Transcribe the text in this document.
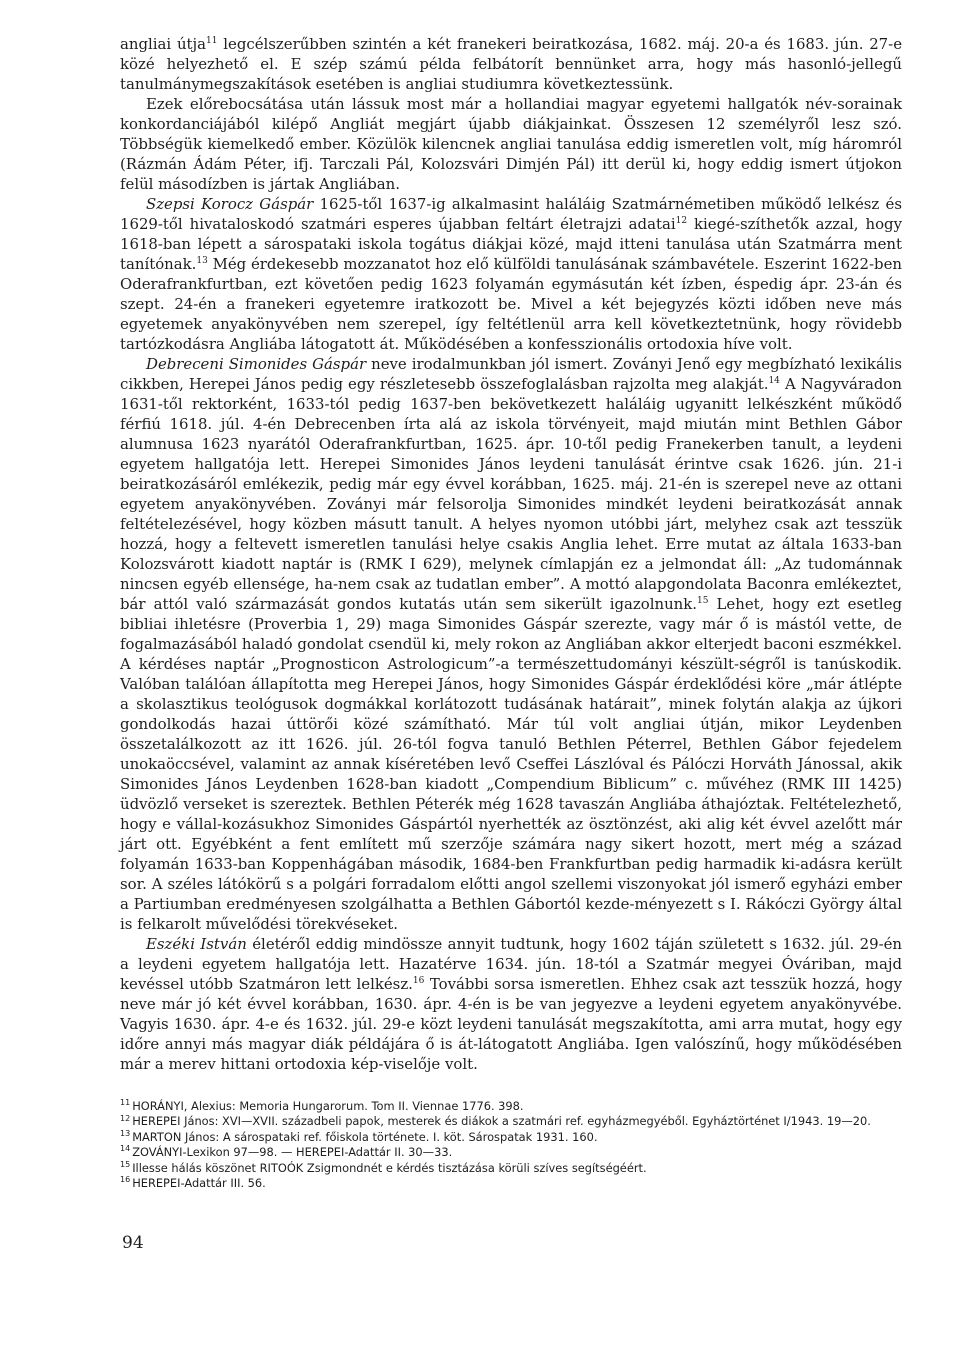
angliai útja$^{11}$ legcélszerűbben szintén a két franekeri beiratkozása, 1682. máj. 20-a és 1683. jún. 27-e közé helyezhető el. E szép számú példa felbátorít bennünket arra, hogy más hasonló-jellegű tanulmánymegszakítások esetében is angliai studiumra következtessünk.

Ezek előrebocsátása után lássuk most már a hollandiai magyar egyetemi hallgatók név-sorainak konkordanciájából kilépő Angliát megjárt újabb diákjainkat. Összesen 12 személyről lesz szó. Többségük kiemelkedő ember. Közülök kilencnek angliai tanulása eddig ismeretlen volt, míg háromról (Rázmán Ádám Péter, ifj. Tarczali Pál, Kolozsvári Dimjén Pál) itt derül ki, hogy eddig ismert útjokon felül másodízben is jártak Angliában.

Szepsi Korocz Gáspár 1625-től 1637-ig alkalmasint haláláig Szatmárnémetiben működő lelkész és 1629-től hivataloskodó szatmári esperes újabban feltárt életrajzi adatai$^{12}$ kiegé-szíthetők azzal, hogy 1618-ban lépett a sárospataki iskola togátus diákjai közé, majd itteni tanulása után Szatmárra ment tanítónak.$^{13}$ Még érdekesebb mozzanatot hoz elő külföldi tanulásának számbavétele. Eszerint 1622-ben Oderafrankfurtban, ezt követően pedig 1623 folyamán egymásután két ízben, éspedig ápr. 23-án és szept. 24-én a franekeri egyetemre iratkozott be. Mivel a két bejegyzés közti időben neve más egyetemek anyakönyvében nem szerepel, így feltétlenül arra kell következtetnünk, hogy rövidebb tartózkodásra Angliába látogatott át. Működésében a konfesszionális ortodoxia híve volt.

Debreceni Simonides Gáspár neve irodalmunkban jól ismert. Zoványi Jenő egy megbízható lexikális cikkben, Herepei János pedig egy részletesebb összefoglalásban rajzolta meg alakját.$^{14}$ A Nagyváradon 1631-től rektorként, 1633-tól pedig 1637-ben bekövetkezett haláláig ugyanitt lelkészként működő férfiú 1618. júl. 4-én Debrecenben írta alá az iskola törvényeit, majd miután mint Bethlen Gábor alumnusa 1623 nyarától Oderafrankfurtban, 1625. ápr. 10-től pedig Franekerben tanult, a leydeni egyetem hallgatója lett. Herepei Simonides János leydeni tanulását érintve csak 1626. jún. 21-i beiratkozásáról emlékezik, pedig már egy évvel korábban, 1625. máj. 21-én is szerepel neve az ottani egyetem anyakönyvében. Zoványi már felsorolja Simonides mindkét leydeni beiratkozását annak feltételezésével, hogy közben másutt tanult. A helyes nyomon utóbbi járt, melyhez csak azt tesszük hozzá, hogy a feltevett ismeretlen tanulási helye csakis Anglia lehet. Erre mutat az általa 1633-ban Kolozsvárott kiadott naptár is (RMK I 629), melynek címlapján ez a jelmondat áll: „Az tudománnak nincsen egyéb ellensége, ha-nem csak az tudatlan ember”. A mottó alapgondolata Baconra emlékeztet, bár attól való származását gondos kutatás után sem sikerült igazolnunk.$^{15}$ Lehet, hogy ezt esetleg bibliai ihletésre (Proverbia 1, 29) maga Simonides Gáspár szerezte, vagy már ő is mástól vette, de fogalmazásából haladó gondolat csendül ki, mely rokon az Angliában akkor elterjedt baconi eszmékkel. A kérdéses naptár „Prognosticon Astrologicum”-a természettudományi készült-ségről is tanúskodik. Valóban találóan állapította meg Herepei János, hogy Simonides Gáspár érdeklődési köre „már átlépte a skolasztikus teológusok dogmákkal korlátozott tudásának határait”, minek folytán alakja az újkori gondolkodás hazai úttörői közé számítható. Már túl volt angliai útján, mikor Leydenben összetalálkozott az itt 1626. júl. 26-tól fogva tanuló Bethlen Péterrel, Bethlen Gábor fejedelem unokaöccsével, valamint az annak kíséretében levő Cseffei Lászlóval és Pálóczi Horváth Jánossal, akik Simonides János Leydenben 1628-ban kiadott „Compendium Biblicum” c. művéhez (RMK III 1425) üdvözlő verseket is szereztek. Bethlen Péterék még 1628 tavaszán Angliába áthajóztak. Feltételezhető, hogy e vállal-kozásukhoz Simonides Gáspártól nyerhették az ösztönzést, aki alig két évvel azelőtt már járt ott. Egyébként a fent említett mű szerzője számára nagy sikert hozott, mert még a század folyamán 1633-ban Koppenhágában második, 1684-ben Frankfurtban pedig harmadik ki-adásra került sor. A széles látókörű s a polgári forradalom előtti angol szellemi viszonyokat jól ismerő egyházi ember a Partiumban eredményesen szolgálhatta a Bethlen Gábortól kezde-ményezett s I. Rákóczi György által is felkarolt művelődési törekvéseket.

Eszéki István életéről eddig mindössze annyit tudtunk, hogy 1602 táján született s 1632. júl. 29-én a leydeni egyetem hallgatója lett. Hazatérve 1634. jún. 18-tól a Szatmár megyei Óváriban, majd kevéssel utóbb Szatmáron lett lelkész.$^{16}$ További sorsa ismeretlen. Ehhez csak azt tesszük hozzá, hogy neve már jó két évvel korábban, 1630. ápr. 4-én is be van jegyezve a leydeni egyetem anyakönyvébe. Vagyis 1630. ápr. 4-e és 1632. júl. 29-e közt leydeni tanulását megszakította, ami arra mutat, hogy egy időre annyi más magyar diák példájára ő is át-látogatott Angliába. Igen valószínű, hogy működésében már a merev hittani ortodoxia kép-viselője volt.

$^{11}$ HORÁNYI, Alexius: Memoria Hungarorum. Tom II. Viennae 1776. 398.
$^{12}$ HEREPEI János: XVI—XVII. századbeli papok, mesterek és diákok a szatmári ref. egyházmegyéből. Egyháztörténet I/1943. 19—20.
$^{13}$ MARTON János: A sárospataki ref. főiskola története. I. köt. Sárospatak 1931. 160.
$^{14}$ ZOVÁNYI-Lexikon 97—98. — HEREPEI-Adattár II. 30—33.
$^{15}$ Illesse hálás köszönet RITOÓK Zsigmondnét e kérdés tisztázása körüli szíves segítségéért.
$^{16}$ HEREPEI-Adattár III. 56.
94
